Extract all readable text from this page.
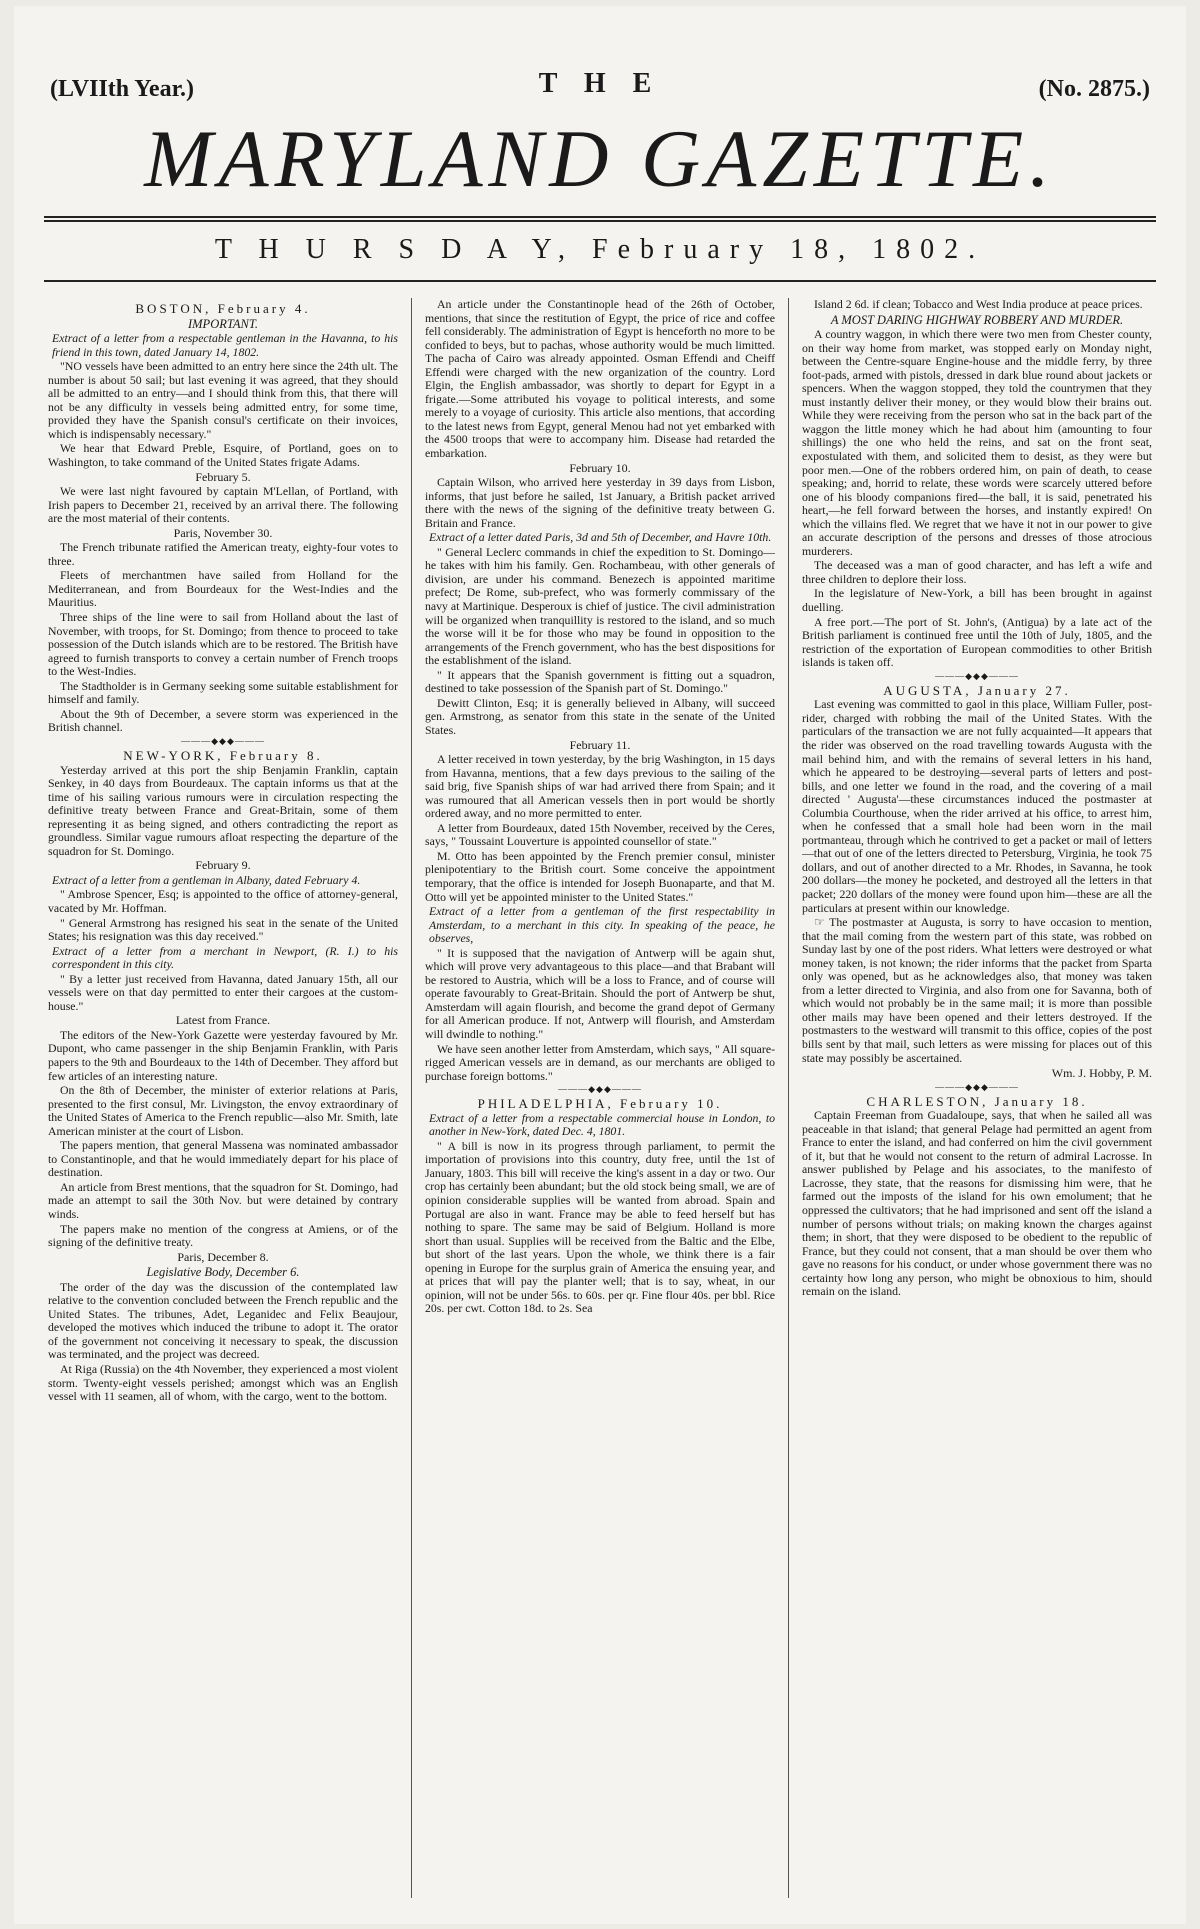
(LVIIth Year.)	T H E	(No. 2875.)
MARYLAND GAZETTE.
T H U R S D A Y, February 18, 1802.
BOSTON, February 4.
IMPORTANT.

Extract of a letter from a respectable gentleman in the Havanna, to his friend in this town, dated January 14, 1802.

"NO vessels have been admitted to an entry here since the 24th ult. The number is about 50 sail; but last evening it was agreed, that they should all be admitted to an entry—and I should think from this, that there will not be any difficulty in vessels being admitted entry, for some time, provided they have the Spanish consul's certificate on their invoices, which is indispensably necessary."

We hear that Edward Preble, Esquire, of Portland, goes on to Washington, to take command of the United States frigate Adams.

February 5.

We were last night favoured by captain M'Lellan, of Portland, with Irish papers to December 21, received by an arrival there. The following are the most material of their contents.

Paris, November 30.

The French tribunate ratified the American treaty, eighty-four votes to three.

Fleets of merchantmen have sailed from Holland for the Mediterranean, and from Bourdeaux for the West-Indies and the Mauritius.

Three ships of the line were to sail from Holland about the last of November, with troops, for St. Domingo; from thence to proceed to take possession of the Dutch islands which are to be restored. The British have agreed to furnish transports to convey a certain number of French troops to the West-Indies.

The Stadtholder is in Germany seeking some suitable establishment for himself and family.

About the 9th of December, a severe storm was experienced in the British channel.

———◆◆◆———
NEW-YORK, February 8.

Yesterday arrived at this port the ship Benjamin Franklin, captain Senkey, in 40 days from Bourdeaux. The captain informs us that at the time of his sailing various rumours were in circulation respecting the definitive treaty between France and Great-Britain, some of them representing it as being signed, and others contradicting the report as groundless. Similar vague rumours afloat respecting the departure of the squadron for St. Domingo.

February 9.

Extract of a letter from a gentleman in Albany, dated February 4.

" Ambrose Spencer, Esq; is appointed to the office of attorney-general, vacated by Mr. Hoffman.

" General Armstrong has resigned his seat in the senate of the United States; his resignation was this day received."

Extract of a letter from a merchant in Newport, (R. I.) to his correspondent in this city.

" By a letter just received from Havanna, dated January 15th, all our vessels were on that day permitted to enter their cargoes at the custom-house."

Latest from France.

The editors of the New-York Gazette were yesterday favoured by Mr. Dupont, who came passenger in the ship Benjamin Franklin, with Paris papers to the 9th and Bourdeaux to the 14th of December. They afford but few articles of an interesting nature.

On the 8th of December, the minister of exterior relations at Paris, presented to the first consul, Mr. Livingston, the envoy extraordinary of the United States of America to the French republic—also Mr. Smith, late American minister at the court of Lisbon.

The papers mention, that general Massena was nominated ambassador to Constantinople, and that he would immediately depart for his place of destination.

An article from Brest mentions, that the squadron for St. Domingo, had made an attempt to sail the 30th Nov. but were detained by contrary winds.

The papers make no mention of the congress at Amiens, or of the signing of the definitive treaty.

Paris, December 8.
Legislative Body, December 6.

The order of the day was the discussion of the contemplated law relative to the convention concluded between the French republic and the United States. The tribunes, Adet, Leganidec and Felix Beaujour, developed the motives which induced the tribune to adopt it. The orator of the government not conceiving it necessary to speak, the discussion was terminated, and the project was decreed.

At Riga (Russia) on the 4th November, they experienced a most violent storm. Twenty-eight vessels perished; amongst which was an English vessel with 11 seamen, all of whom, with the cargo, went to the bottom.

An article under the Constantinople head of the 26th of October, mentions, that since the restitution of Egypt, the price of rice and coffee fell considerably. The administration of Egypt is henceforth no more to be confided to beys, but to pachas, whose authority would be much limitted. The pacha of Cairo was already appointed. Osman Effendi and Cheiff Effendi were charged with the new organization of the country. Lord Elgin, the English ambassador, was shortly to depart for Egypt in a frigate.—Some attributed his voyage to political interests, and some merely to a voyage of curiosity. This article also mentions, that according to the latest news from Egypt, general Menou had not yet embarked with the 4500 troops that were to accompany him. Disease had retarded the embarkation.

February 10.

Captain Wilson, who arrived here yesterday in 39 days from Lisbon, informs, that just before he sailed, 1st January, a British packet arrived there with the news of the signing of the definitive treaty between G. Britain and France.

Extract of a letter dated Paris, 3d and 5th of December, and Havre 10th.

" General Leclerc commands in chief the expedition to St. Domingo—he takes with him his family. Gen. Rochambeau, with other generals of division, are under his command. Benezech is appointed maritime prefect; De Rome, sub-prefect, who was formerly commissary of the navy at Martinique. Desperoux is chief of justice. The civil administration will be organized when tranquillity is restored to the island, and so much the worse will it be for those who may be found in opposition to the arrangements of the French government, who has the best dispositions for the establishment of the island.

" It appears that the Spanish government is fitting out a squadron, destined to take possession of the Spanish part of St. Domingo."

Dewitt Clinton, Esq; it is generally believed in Albany, will succeed gen. Armstrong, as senator from this state in the senate of the United States.

February 11.

A letter received in town yesterday, by the brig Washington, in 15 days from Havanna, mentions, that a few days previous to the sailing of the said brig, five Spanish ships of war had arrived there from Spain; and it was rumoured that all American vessels then in port would be shortly ordered away, and no more permitted to enter.

A letter from Bourdeaux, dated 15th November, received by the Ceres, says, " Toussaint Louverture is appointed counsellor of state."

M. Otto has been appointed by the French premier consul, minister plenipotentiary to the British court. Some conceive the appointment temporary, that the office is intended for Joseph Buonaparte, and that M. Otto will yet be appointed minister to the United States."

Extract of a letter from a gentleman of the first respectability in Amsterdam, to a merchant in this city. In speaking of the peace, he observes,

" It is supposed that the navigation of Antwerp will be again shut, which will prove very advantageous to this place—and that Brabant will be restored to Austria, which will be a loss to France, and of course will operate favourably to Great-Britain. Should the port of Antwerp be shut, Amsterdam will again flourish, and become the grand depot of Germany for all American produce. If not, Antwerp will flourish, and Amsterdam will dwindle to nothing."

We have seen another letter from Amsterdam, which says, " All square-rigged American vessels are in demand, as our merchants are obliged to purchase foreign bottoms."

———◆◆◆———
PHILADELPHIA, February 10.

Extract of a letter from a respectable commercial house in London, to another in New-York, dated Dec. 4, 1801.

" A bill is now in its progress through parliament, to permit the importation of provisions into this country, duty free, until the 1st of January, 1803. This bill will receive the king's assent in a day or two. Our crop has certainly been abundant; but the old stock being small, we are of opinion considerable supplies will be wanted from abroad. Spain and Portugal are also in want. France may be able to feed herself but has nothing to spare. The same may be said of Belgium. Holland is more short than usual. Supplies will be received from the Baltic and the Elbe, but short of the last years. Upon the whole, we think there is a fair opening in Europe for the surplus grain of America the ensuing year, and at prices that will pay the planter well; that is to say, wheat, in our opinion, will not be under 56s. to 60s. per qr. Fine flour 40s. per bbl. Rice 20s. per cwt. Cotton 18d. to 2s. Sea

Island 2 6d. if clean; Tobacco and West India produce at peace prices.

A MOST DARING HIGHWAY ROBBERY AND MURDER.

A country waggon, in which there were two men from Chester county, on their way home from market, was stopped early on Monday night, between the Centre-square Engine-house and the middle ferry, by three foot-pads, armed with pistols, dressed in dark blue round about jackets or spencers. When the waggon stopped, they told the countrymen that they must instantly deliver their money, or they would blow their brains out. While they were receiving from the person who sat in the back part of the waggon the little money which he had about him (amounting to four shillings) the one who held the reins, and sat on the front seat, expostulated with them, and solicited them to desist, as they were but poor men.—One of the robbers ordered him, on pain of death, to cease speaking; and, horrid to relate, these words were scarcely uttered before one of his bloody companions fired—the ball, it is said, penetrated his heart,—he fell forward between the horses, and instantly expired! On which the villains fled. We regret that we have it not in our power to give an accurate description of the persons and dresses of those atrocious murderers.

The deceased was a man of good character, and has left a wife and three children to deplore their loss.

In the legislature of New-York, a bill has been brought in against duelling.

A free port.—The port of St. John's, (Antigua) by a late act of the British parliament is continued free until the 10th of July, 1805, and the restriction of the exportation of European commodities to other British islands is taken off.

———◆◆◆———
AUGUSTA, January 27.

Last evening was committed to gaol in this place, William Fuller, post-rider, charged with robbing the mail of the United States. With the particulars of the transaction we are not fully acquainted—It appears that the rider was observed on the road travelling towards Augusta with the mail behind him, and with the remains of several letters in his hand, which he appeared to be destroying—several parts of letters and post-bills, and one letter we found in the road, and the covering of a mail directed ' Augusta'—these circumstances induced the postmaster at Columbia Courthouse, when the rider arrived at his office, to arrest him, when he confessed that a small hole had been worn in the mail portmanteau, through which he contrived to get a packet or mail of letters—that out of one of the letters directed to Petersburg, Virginia, he took 75 dollars, and out of another directed to a Mr. Rhodes, in Savanna, he took 200 dollars—the money he pocketed, and destroyed all the letters in that packet; 220 dollars of the money were found upon him—these are all the particulars at present within our knowledge.

☞ The postmaster at Augusta, is sorry to have occasion to mention, that the mail coming from the western part of this state, was robbed on Sunday last by one of the post riders. What letters were destroyed or what money taken, is not known; the rider informs that the packet from Sparta only was opened, but as he acknowledges also, that money was taken from a letter directed to Virginia, and also from one for Savanna, both of which would not probably be in the same mail; it is more than possible other mails may have been opened and their letters destroyed. If the postmasters to the westward will transmit to this office, copies of the post bills sent by that mail, such letters as were missing for places out of this state may possibly be ascertained.

Wm. J. Hobby, P. M.
———◆◆◆———
CHARLESTON, January 18.

Captain Freeman from Guadaloupe, says, that when he sailed all was peaceable in that island; that general Pelage had permitted an agent from France to enter the island, and had conferred on him the civil government of it, but that he would not consent to the return of admiral Lacrosse. In answer published by Pelage and his associates, to the manifesto of Lacrosse, they state, that the reasons for dismissing him were, that he farmed out the imposts of the island for his own emolument; that he oppressed the cultivators; that he had imprisoned and sent off the island a number of persons without trials; on making known the charges against them; in short, that they were disposed to be obedient to the republic of France, but they could not consent, that a man should be over them who gave no reasons for his conduct, or under whose government there was no certainty how long any person, who might be obnoxious to him, should remain on the island.
